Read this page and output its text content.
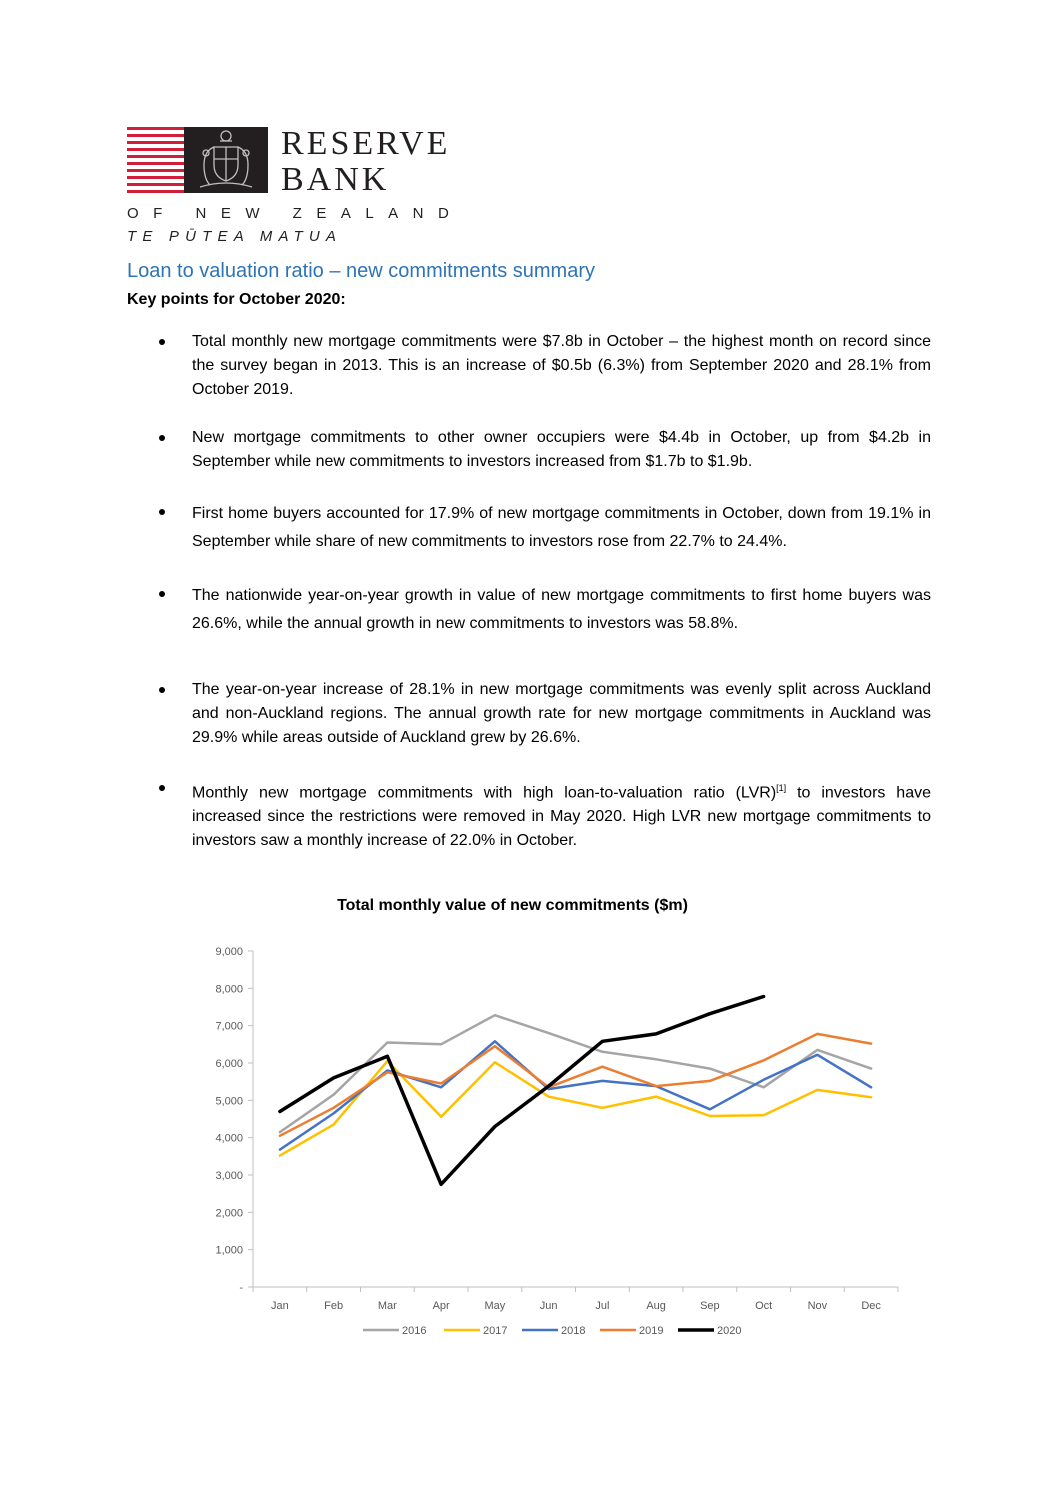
RESERVE
BANK
OF NEW ZEALAND
TE PŪTEA MATUA
Loan to valuation ratio – new commitments summary
Key points for October 2020:
Total monthly new mortgage commitments were $7.8b in October – the highest month on record since the survey began in 2013. This is an increase of $0.5b (6.3%) from September 2020 and 28.1% from October 2019.
New mortgage commitments to other owner occupiers were $4.4b in October, up from $4.2b in September while new commitments to investors increased from $1.7b to $1.9b.
First home buyers accounted for 17.9% of new mortgage commitments in October, down from 19.1% in September while share of new commitments to investors rose from 22.7% to 24.4%.
The nationwide year-on-year growth in value of new mortgage commitments to first home buyers was 26.6%, while the annual growth in new commitments to investors was 58.8%.
The year-on-year increase of 28.1% in new mortgage commitments was evenly split across Auckland and non-Auckland regions. The annual growth rate for new mortgage commitments in Auckland was 29.9% while areas outside of Auckland grew by 26.6%.
Monthly new mortgage commitments with high loan-to-valuation ratio (LVR)[1] to investors have increased since the restrictions were removed in May 2020. High LVR new mortgage commitments to investors saw a monthly increase of 22.0% in October.
Total monthly value of new commitments ($m)
-
1,000
2,000
3,000
4,000
5,000
6,000
7,000
8,000
9,000
Jan	Feb	Mar	Apr	May	Jun	Jul	Aug	Sep	Oct	Nov	Dec
2016	2017	2018	2019	2020
